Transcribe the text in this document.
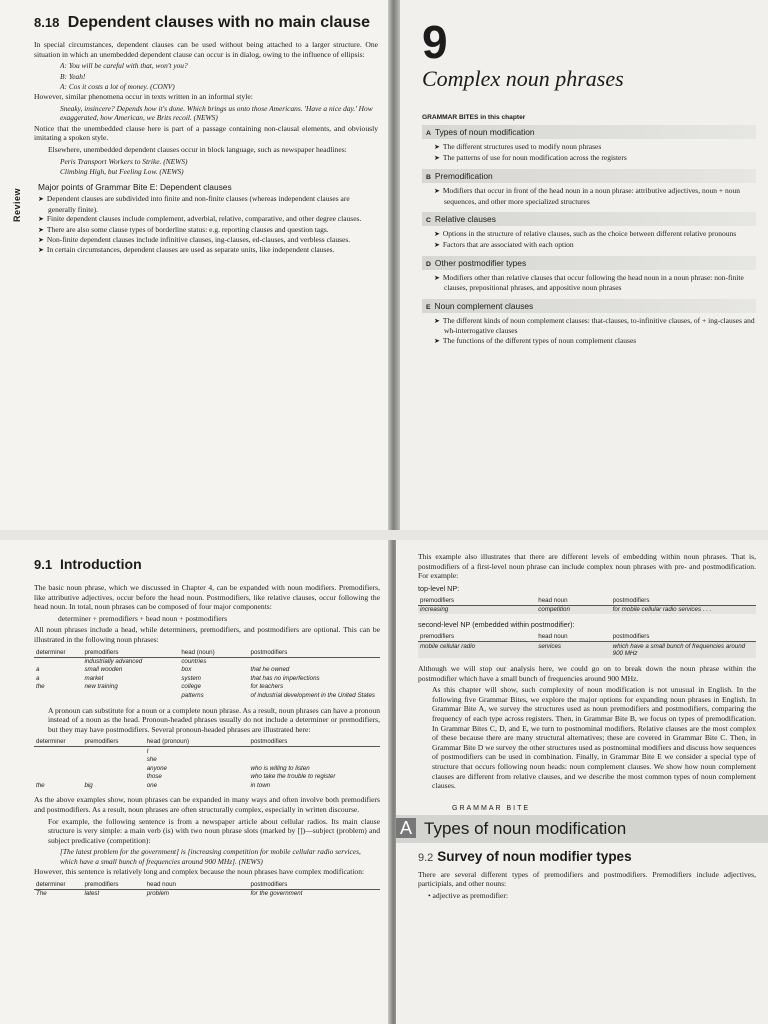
8.18 Dependent clauses with no main clause

In special circumstances, dependent clauses can be used without being attached to a larger structure. One situation in which an unembedded dependent clause can occur is in dialog, owing to the influence of ellipsis:

A: You will be careful with that, won't you?

B: Yeah!

A: Cos it costs a lot of money. (CONV)

However, similar phenomena occur in texts written in an informal style:

Sneaky, insincere? Depends how it's done. Which brings us onto those Americans. 'Have a nice day.' How exaggerated, how American, we Brits recoil. (NEWS)

Notice that the unembedded clause here is part of a passage containing non-clausal elements, and obviously imitating a spoken style.

Elsewhere, unembedded dependent clauses occur in block language, such as newspaper headlines:

Peris Transport Workers to Strike. (NEWS)

Climbing High, but Feeling Low. (NEWS)

Review

Major points of Grammar Bite E: Dependent clauses

➤ Dependent clauses are subdivided into finite and non-finite clauses (whereas independent clauses are generally finite).

➤ Finite dependent clauses include complement, adverbial, relative, comparative, and other degree clauses.

➤ There are also some clause types of borderline status: e.g. reporting clauses and question tags.

➤ Non-finite dependent clauses include infinitive clauses, ing-clauses, ed-clauses, and verbless clauses.

➤ In certain circumstances, dependent clauses are used as separate units, like independent clauses.

9

Complex noun phrases

GRAMMAR BITES in this chapter

A Types of noun modification

➤ The different structures used to modify noun phrases

➤ The patterns of use for noun modification across the registers

B Premodification

➤ Modifiers that occur in front of the head noun in a noun phrase: attributive adjectives, noun + noun sequences, and other more specialized structures

C Relative clauses

➤ Options in the structure of relative clauses, such as the choice between different relative pronouns

➤ Factors that are associated with each option

D Other postmodifier types

➤ Modifiers other than relative clauses that occur following the head noun in a noun phrase: non-finite clauses, prepositional phrases, and appositive noun phrases

E Noun complement clauses

➤ The different kinds of noun complement clauses: that-clauses, to-infinitive clauses, of + ing-clauses and wh-interrogative clauses

➤ The functions of the different types of noun complement clauses

9.1 Introduction

The basic noun phrase, which we discussed in Chapter 4, can be expanded with noun modifiers. Premodifiers, like attributive adjectives, occur before the head noun. Postmodifiers, like relative clauses, occur following the head noun. In total, noun phrases can be composed of four major components:

determiner + premodifiers + head noun + postmodifiers

All noun phrases include a head, while determiners, premodifiers, and postmodifiers are optional. This can be illustrated in the following noun phrases:

determiner	premodifiers	head (noun)	postmodifiers
	industrially advanced	countries	
a	small wooden	box	that he owned
a	market	system	that has no imperfections
the	new training	college	for teachers
		patterns	of industrial development in the United States

A pronoun can substitute for a noun or a complete noun phrase. As a result, noun phrases can have a pronoun instead of a noun as the head. Pronoun-headed phrases usually do not include a determiner or premodifiers, but they may have postmodifiers. Several pronoun-headed phrases are illustrated here:

determiner	premodifiers	head (pronoun)	postmodifiers
		I	
		she	
		anyone	who is willing to listen
		those	who take the trouble to register
the	big	one	in town

As the above examples show, noun phrases can be expanded in many ways and often involve both premodifiers and postmodifiers. As a result, noun phrases are often structurally complex, especially in written discourse.

For example, the following sentence is from a newspaper article about cellular radios. Its main clause structure is very simple: a main verb (is) with two noun phrase slots (marked by [])—subject (problem) and subject predicative (competition):

[The latest problem for the government] is [increasing competition for mobile cellular radio services, which have a small bunch of frequencies around 900 MHz]. (NEWS)

However, this sentence is relatively long and complex because the noun phrases have complex modification:

determiner	premodifiers	head noun	postmodifiers
The	latest	problem	for the government

This example also illustrates that there are different levels of embedding within noun phrases. That is, postmodifiers of a first-level noun phrase can include complex noun phrases with pre- and postmodification. For example:

top-level NP:

premodifiers	head noun	postmodifiers
increasing	competition	for mobile cellular radio services . . .

second-level NP (embedded within postmodifier):

premodifiers	head noun	postmodifiers
mobile cellular radio	services	which have a small bunch of frequencies around 900 MHz

Although we will stop our analysis here, we could go on to break down the noun phrase within the postmodifier which have a small bunch of frequencies around 900 MHz.

As this chapter will show, such complexity of noun modification is not unusual in English. In the following five Grammar Bites, we explore the major options for expanding noun phrases in English. In Grammar Bite A, we survey the structures used as noun premodifiers and postmodifiers, comparing the frequency of each type across registers. Then, in Grammar Bite B, we focus on types of premodification. In Grammar Bites C, D, and E, we turn to postnominal modifiers. Relative clauses are the most complex of these because there are many structural alternatives; these are covered in Grammar Bite C. Then, in Grammar Bite D we survey the other structures used as postnominal modifiers and discuss how sequences of postmodifiers can be used in combination. Finally, in Grammar Bite E we consider a special type of structure that occurs following noun heads: noun complement clauses. We show how noun complement clauses are different from relative clauses, and we describe the most common types of noun complement clauses.

GRAMMAR BITE

A Types of noun modification

9.2 Survey of noun modifier types

There are several different types of premodifiers and postmodifiers. Premodifiers include adjectives, participials, and other nouns:

• adjective as premodifier:
